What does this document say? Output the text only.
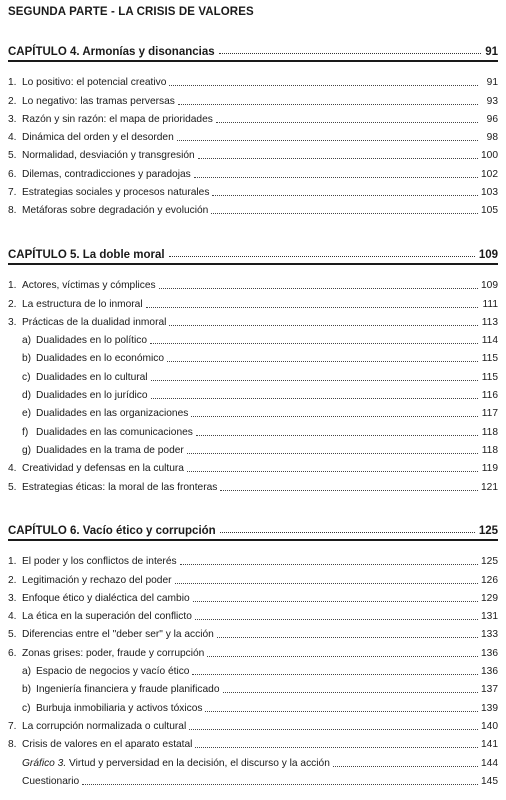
SEGUNDA PARTE - LA CRISIS DE VALORES
CAPÍTULO 4. Armonías y disonancias	91
1. Lo positivo: el potencial creativo	91
2. Lo negativo: las tramas perversas	93
3. Razón y sin razón: el mapa de prioridades	96
4. Dinámica del orden y el desorden	98
5. Normalidad, desviación y transgresión	100
6. Dilemas, contradicciones y paradojas	102
7. Estrategias sociales y procesos naturales	103
8. Metáforas sobre degradación y evolución	105
CAPÍTULO 5. La doble moral	109
1. Actores, víctimas y cómplices	109
2. La estructura de lo inmoral	111
3. Prácticas de la dualidad inmoral	113
a) Dualidades en lo político	114
b) Dualidades en lo económico	115
c) Dualidades en lo cultural	115
d) Dualidades en lo jurídico	116
e) Dualidades en las organizaciones	117
f) Dualidades en las comunicaciones	118
g) Dualidades en la trama de poder	118
4. Creatividad y defensas en la cultura	119
5. Estrategias éticas: la moral de las fronteras	121
CAPÍTULO 6. Vacío ético y corrupción	125
1. El poder y los conflictos de interés	125
2. Legitimación y rechazo del poder	126
3. Enfoque ético y dialéctica del cambio	129
4. La ética en la superación del conflicto	131
5. Diferencias entre el "deber ser" y la acción	133
6. Zonas grises: poder, fraude y corrupción	136
a) Espacio de negocios y vacío ético	136
b) Ingeniería financiera y fraude planificado	137
c) Burbuja inmobiliaria y activos tóxicos	139
7. La corrupción normalizada o cultural	140
8. Crisis de valores en el aparato estatal	141
Gráfico 3. Virtud y perversidad en la decisión, el discurso y la acción	144
Cuestionario	145
